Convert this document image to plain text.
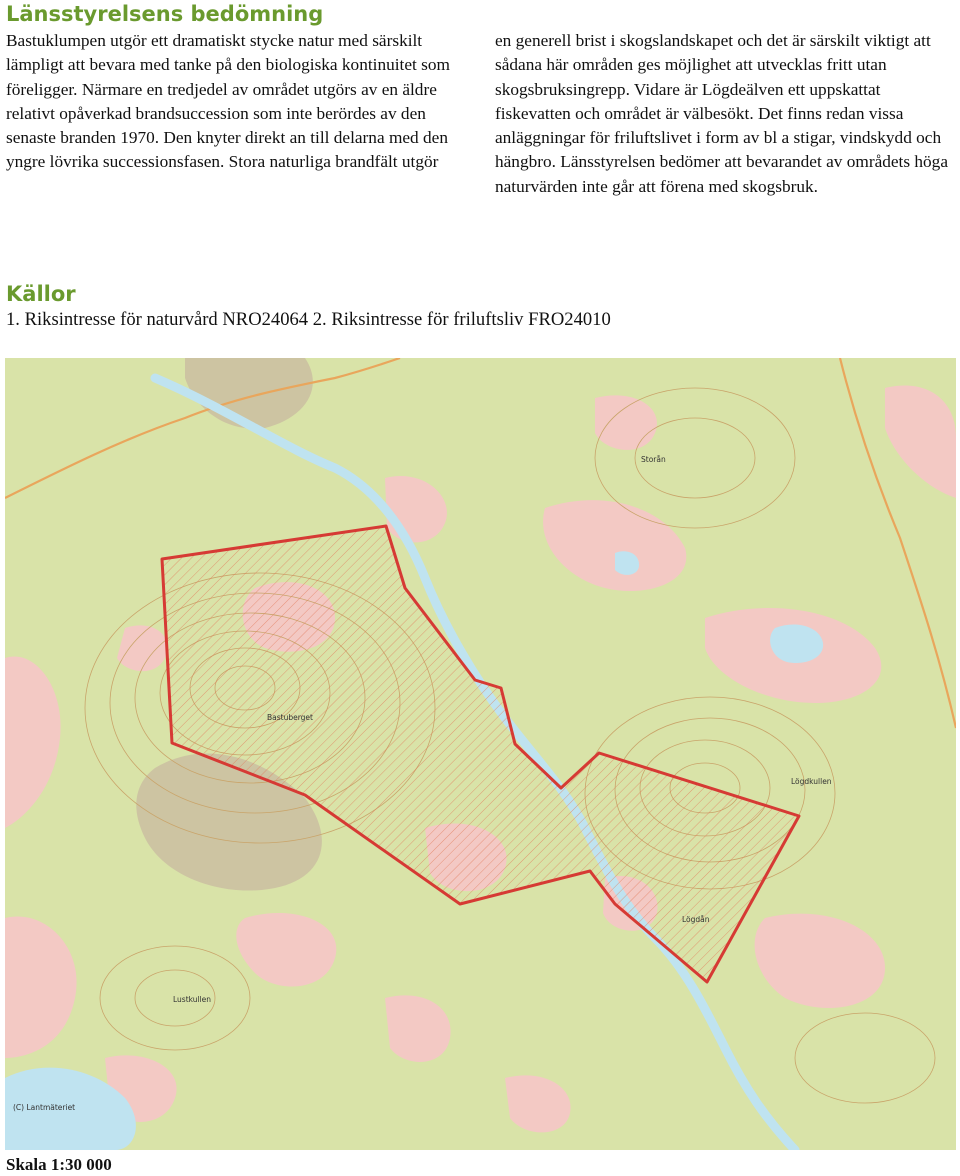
Länsstyrelsens bedömning

Bastuklumpen utgör ett dramatiskt stycke natur med särskilt lämpligt att bevara med tanke på den biologiska kontinuitet som föreligger. Närmare en tredjedel av området utgörs av en äldre relativt opåverkad brandsuccession som inte berördes av den senaste branden 1970. Den knyter direkt an till delarna med den yngre lövrika successionsfasen. Stora naturliga brandfält utgör

en generell brist i skogslandskapet och det är särskilt viktigt att sådana här områden ges möjlighet att utvecklas fritt utan skogsbruksingrepp. Vidare är Lögdeälven ett uppskattat fiskevatten och området är välbesökt. Det finns redan vissa anläggningar för friluftslivet i form av bl a stigar, vindskydd och hängbro. Länsstyrelsen bedömer att bevarandet av områdets höga naturvärden inte går att förena med skogsbruk.

Källor

1. Riksintresse för naturvård NRO24064 2. Riksintresse för friluftsliv FRO24010

Storån
Bastuberget
Lögdkullen
Lögdån
Lustkullen
(C) Lantmäteriet

Skala 1:30 000
